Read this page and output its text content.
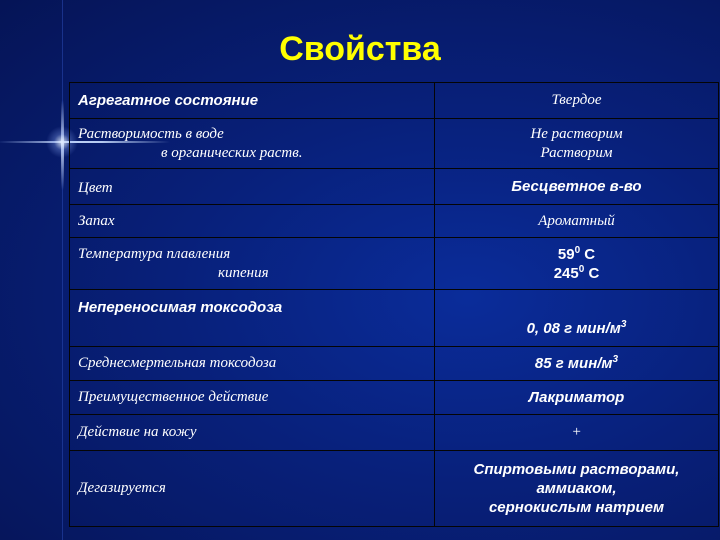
Свойства
Агрегатное состояние	Твердое

Растворимость в воде
в органических раств.	Не растворим
Растворим

Цвет	Бесцветное в-во
Запах	Ароматный

Температура плавления
кипения	$59^0$ С
$245^0$ С

Непереносимая токсодоза	0, 08 г мин/$м^3$
Среднесмертельная токсодоза	85 г мин/$м^3$
Преимущественное действие	Лакриматор
Действие на кожу	+
Дегазируется	Спиртовыми растворами,
аммиаком,
сернокислым натрием
